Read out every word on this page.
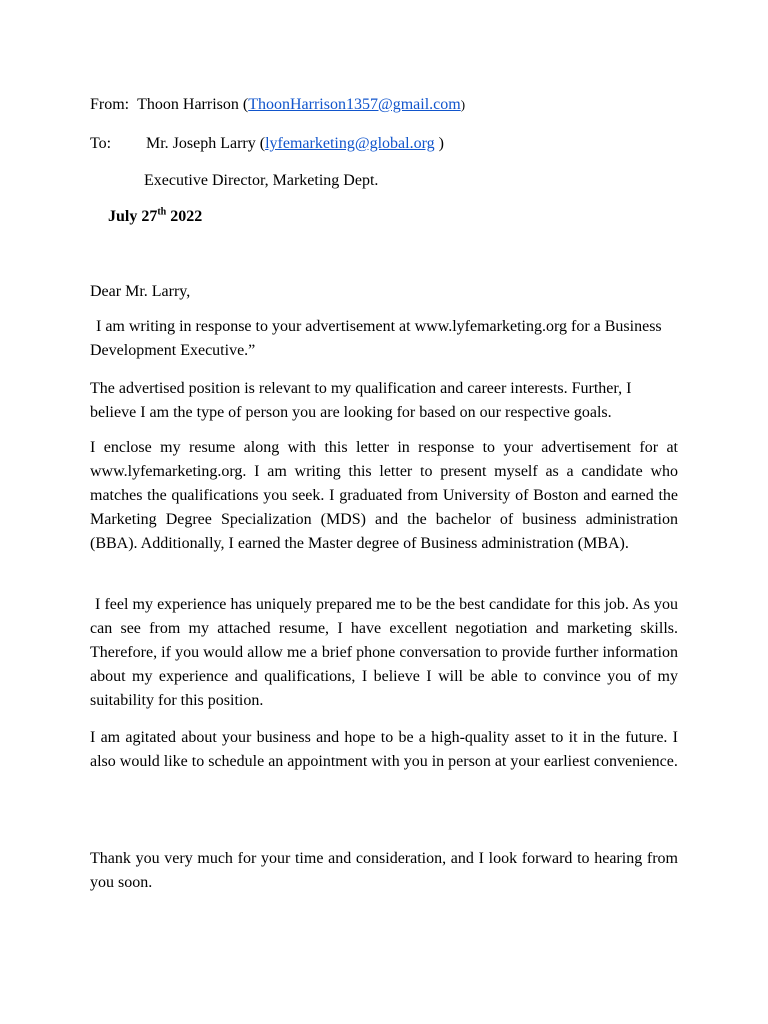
From: Thoon Harrison (ThoonHarrison1357@gmail.com)
To: Mr. Joseph Larry (lyfemarketing@global.org )
Executive Director, Marketing Dept.
July 27th 2022
Dear Mr. Larry,
I am writing in response to your advertisement at www.lyfemarketing.org for a Business Development Executive.”
The advertised position is relevant to my qualification and career interests. Further, I believe I am the type of person you are looking for based on our respective goals.
I enclose my resume along with this letter in response to your advertisement for at www.lyfemarketing.org. I am writing this letter to present myself as a candidate who matches the qualifications you seek. I graduated from University of Boston and earned the Marketing Degree Specialization (MDS) and the bachelor of business administration (BBA). Additionally, I earned the Master degree of Business administration (MBA).
I feel my experience has uniquely prepared me to be the best candidate for this job. As you can see from my attached resume, I have excellent negotiation and marketing skills. Therefore, if you would allow me a brief phone conversation to provide further information about my experience and qualifications, I believe I will be able to convince you of my suitability for this position.
I am agitated about your business and hope to be a high-quality asset to it in the future. I also would like to schedule an appointment with you in person at your earliest convenience.
Thank you very much for your time and consideration, and I look forward to hearing from you soon.
